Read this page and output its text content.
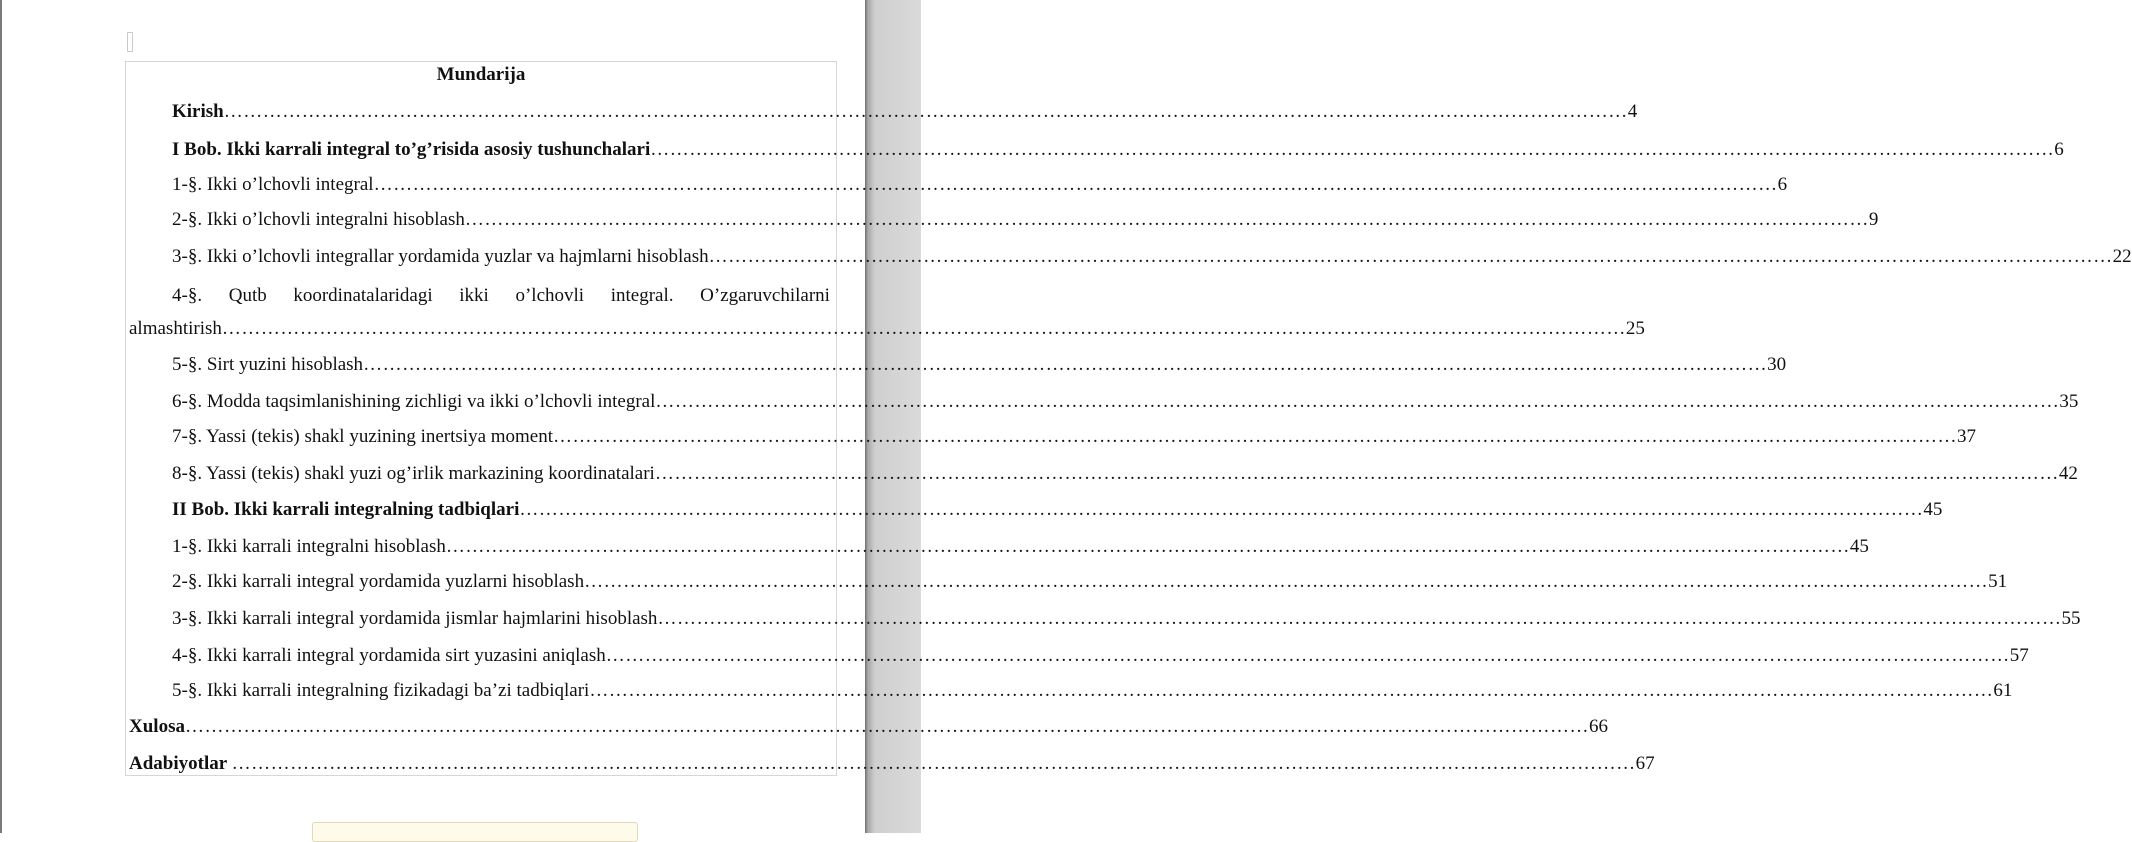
Mundarija
Kirish ……………………………………………………………………………………………………………………………………………………………………………………………… 4
I Bob. Ikki karrali integral to’g’risida asosiy tushunchalari ……………………………………………………………………………………………………………………………………………………………………………………………… 6
1-§. Ikki o’lchovli integral ……………………………………………………………………………………………………………………………………………………………………………………………… 6
2-§. Ikki o’lchovli integralni hisoblash ……………………………………………………………………………………………………………………………………………………………………………………………… 9
3-§. Ikki o’lchovli integrallar yordamida yuzlar va hajmlarni hisoblash ……………………………………………………………………………………………………………………………………………………………………………………………… 22
4-§. Qutb koordinatalaridagi ikki o’lchovli integral. O’zgaruvchilarni
almashtirish ……………………………………………………………………………………………………………………………………………………………………………………………… 25
5-§. Sirt yuzini hisoblash ……………………………………………………………………………………………………………………………………………………………………………………………… 30
6-§. Modda taqsimlanishining zichligi va ikki o’lchovli integral ……………………………………………………………………………………………………………………………………………………………………………………………… 35
7-§. Yassi (tekis) shakl yuzining inertsiya moment ……………………………………………………………………………………………………………………………………………………………………………………………… 37
8-§. Yassi (tekis) shakl yuzi og’irlik markazining koordinatalari ……………………………………………………………………………………………………………………………………………………………………………………………… 42
II Bob. Ikki karrali integralning tadbiqlari ……………………………………………………………………………………………………………………………………………………………………………………………… 45
1-§. Ikki karrali integralni hisoblash ……………………………………………………………………………………………………………………………………………………………………………………………… 45
2-§. Ikki karrali integral yordamida yuzlarni hisoblash ……………………………………………………………………………………………………………………………………………………………………………………………… 51
3-§. Ikki karrali integral yordamida jismlar hajmlarini hisoblash ……………………………………………………………………………………………………………………………………………………………………………………………… 55
4-§. Ikki karrali integral yordamida sirt yuzasini aniqlash ……………………………………………………………………………………………………………………………………………………………………………………………… 57
5-§. Ikki karrali integralning fizikadagi ba’zi tadbiqlari ……………………………………………………………………………………………………………………………………………………………………………………………… 61
Xulosa ……………………………………………………………………………………………………………………………………………………………………………………………… 66
Adabiyotlar ……………………………………………………………………………………………………………………………………………………………………………………………… 67
